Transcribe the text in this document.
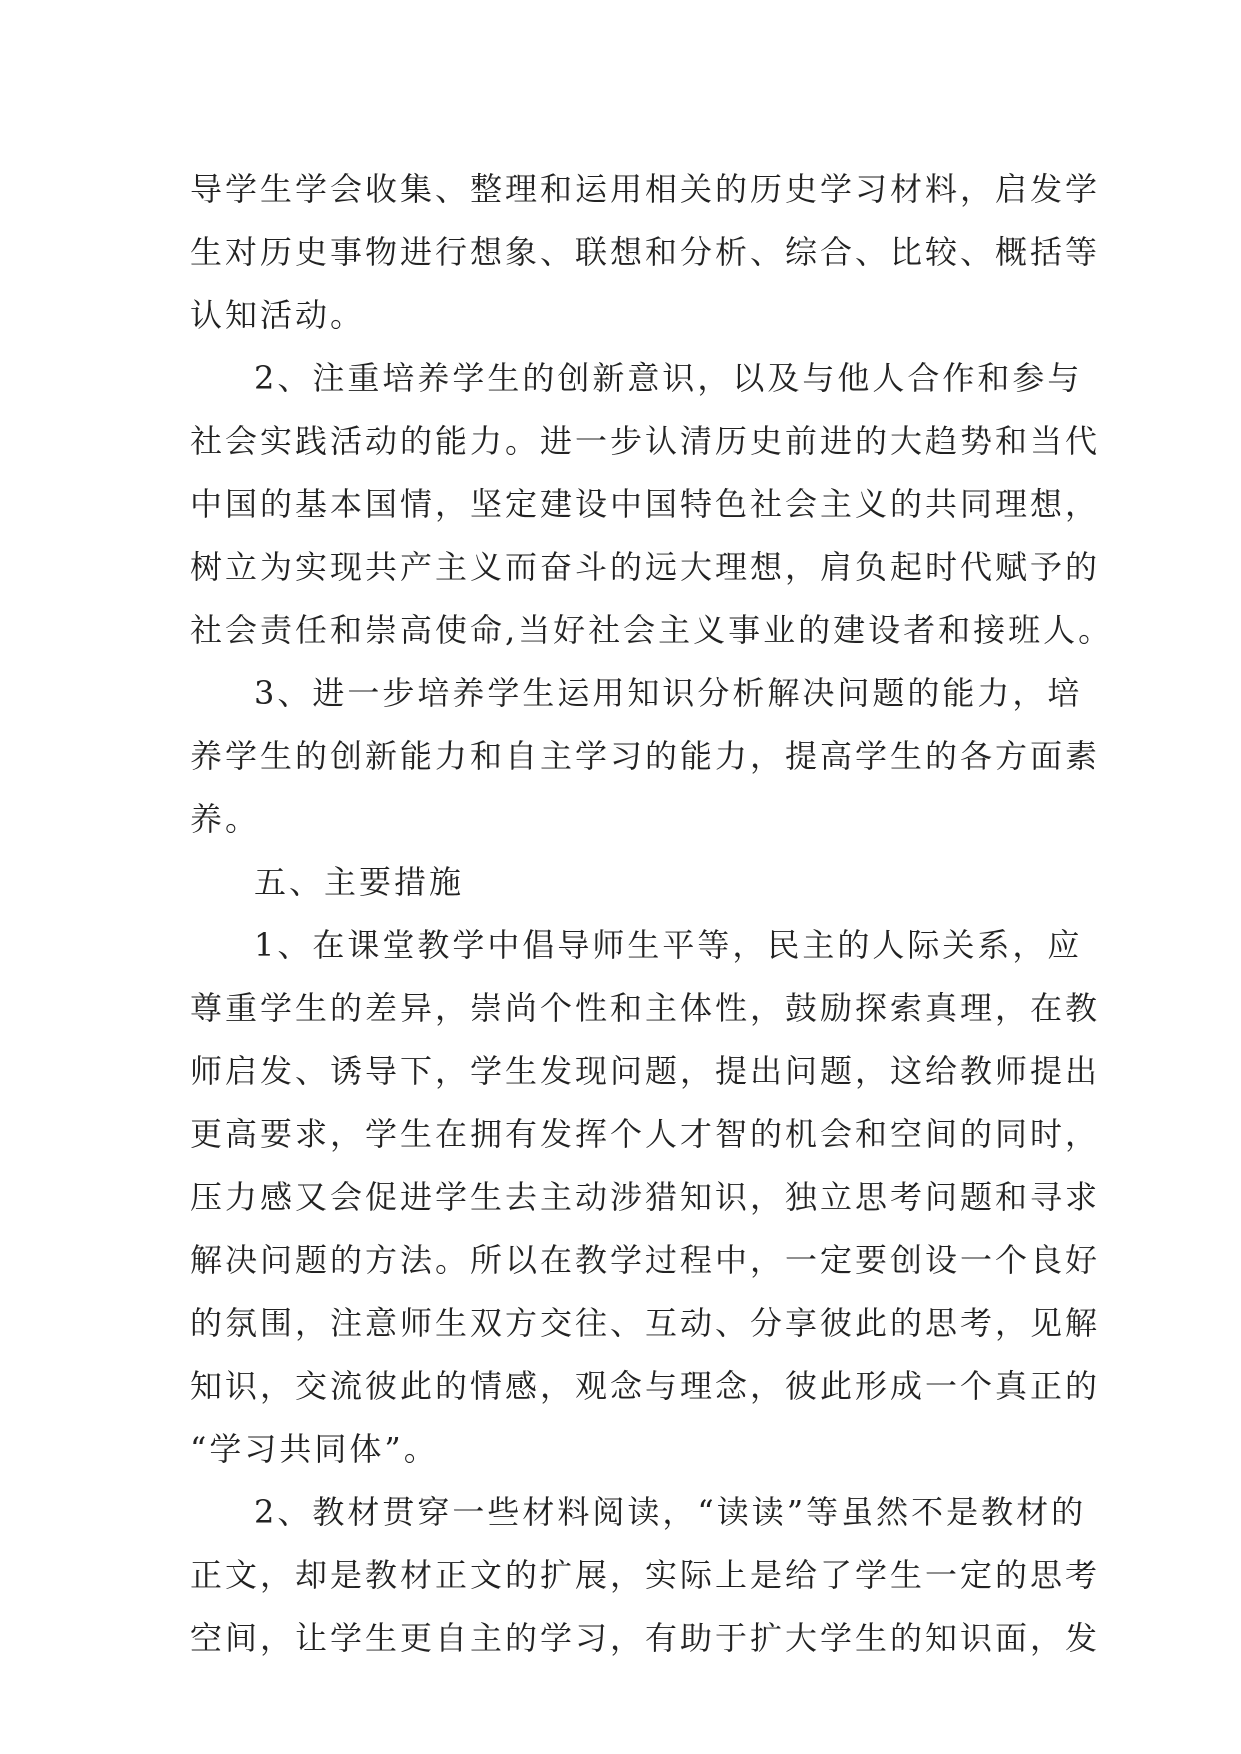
导学生学会收集、整理和运用相关的历史学习材料，启发学
生对历史事物进行想象、联想和分析、综合、比较、概括等
认知活动。
2、注重培养学生的创新意识，以及与他人合作和参与
社会实践活动的能力。进一步认清历史前进的大趋势和当代
中国的基本国情，坚定建设中国特色社会主义的共同理想，
树立为实现共产主义而奋斗的远大理想，肩负起时代赋予的
社会责任和崇高使命,当好社会主义事业的建设者和接班人。
3、进一步培养学生运用知识分析解决问题的能力，培
养学生的创新能力和自主学习的能力，提高学生的各方面素
养。
五、主要措施
1、在课堂教学中倡导师生平等，民主的人际关系，应
尊重学生的差异，崇尚个性和主体性，鼓励探索真理，在教
师启发、诱导下，学生发现问题，提出问题，这给教师提出
更高要求，学生在拥有发挥个人才智的机会和空间的同时，
压力感又会促进学生去主动涉猎知识，独立思考问题和寻求
解决问题的方法。所以在教学过程中，一定要创设一个良好
的氛围，注意师生双方交往、互动、分享彼此的思考，见解
知识，交流彼此的情感，观念与理念，彼此形成一个真正的
“学习共同体”。
2、教材贯穿一些材料阅读，“读读”等虽然不是教材的
正文，却是教材正文的扩展，实际上是给了学生一定的思考
空间，让学生更自主的学习，有助于扩大学生的知识面，发
